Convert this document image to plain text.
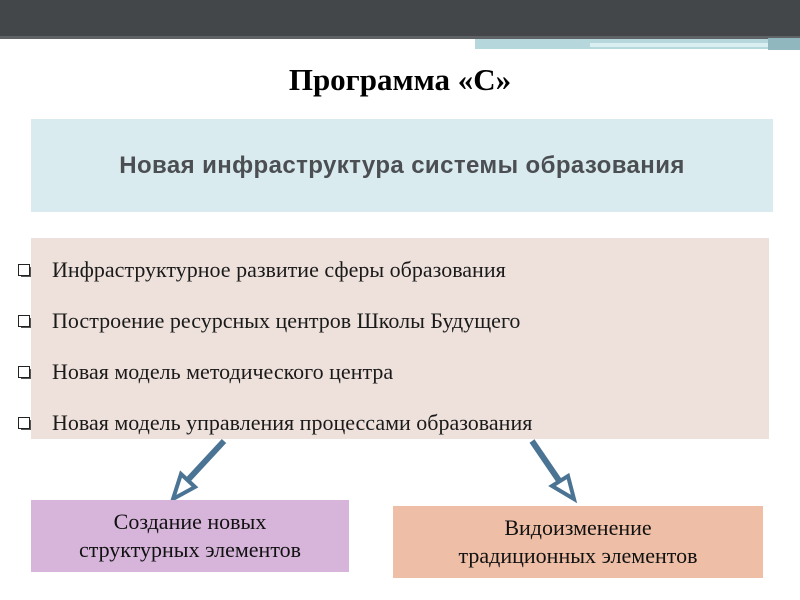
Программа «С»
Новая инфраструктура системы образования
Инфраструктурное развитие сферы образования
Построение ресурсных центров Школы Будущего
Новая модель методического центра
Новая модель управления процессами образования
Создание новых
структурных элементов
Видоизменение
традиционных элементов
